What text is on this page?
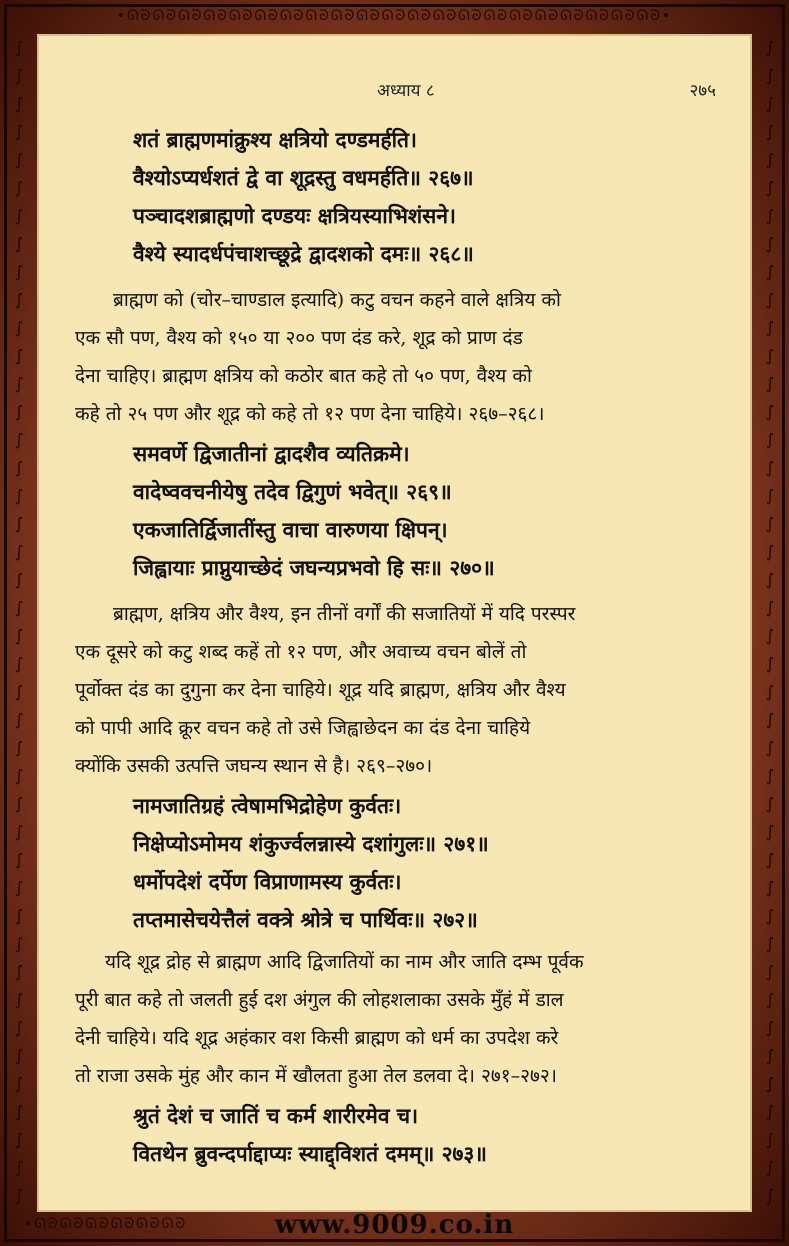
•ᘏᘐᘏᘐᘏᘐᘏᘐᘏᘐᘏᘐᘏᘐᘏᘐᘏᘐᘏᘐᘏᘐᘏᘐᘏᘐᘏᘐᘏᘐᘏᘐᘏᘐᘏᘐᘏᘐᘏᘐᘏᘐ•
∫
∫
∫
∫
∫
∫
∫
∫
∫
∫
∫
∫
∫
∫
∫
∫
∫
∫
∫
∫
∫
∫
∫
∫
∫
∫
∫
∫
∫
∫
∫
∫
∫
∫
∫
∫
∫
∫
∫
∫
∫
∫
∫
∫
∫
∫
∫
∫
∫
∫
∫
∫
∫
∫
∫
∫
∫
∫
∫
∫
∫
∫
∫
∫
∫
∫
∫
∫
∫
∫
∫
∫
∫
∫
∫
∫
∫
∫
∫
∫
∫
∫
∫
∫
•ᘏᘐᘏᘐᘏᘐᘏᘐᘏᘐᘏᘐ
अध्याय ८	२७५
शतं ब्राह्मणमांक्रुश्य क्षत्रियो दण्डमर्हति।
वैश्योऽप्यर्धशतं द्वे वा शूद्रस्तु वधमर्हति॥ २६७॥
पञ्चादशब्राह्मणो दण्डयः क्षत्रियस्याभिशंसने।
वैश्ये स्यादर्धपंचाशच्छूद्रे द्वादशको दमः॥ २६८॥
ब्राह्मण को (चोर–चाण्डाल इत्यादि) कटु वचन कहने वाले क्षत्रिय को
एक सौ पण, वैश्य को १५० या २०० पण दंड करे, शूद्र को प्राण दंड
देना चाहिए। ब्राह्मण क्षत्रिय को कठोर बात कहे तो ५० पण, वैश्य को
कहे तो २५ पण और शूद्र को कहे तो १२ पण देना चाहिये। २६७–२६८।
समवर्णे द्विजातीनां द्वादशैव व्यतिक्रमे।
वादेष्ववचनीयेषु तदेव द्विगुणं भवेत्॥ २६९॥
एकजातिर्द्विजातींस्तु वाचा वारुणया क्षिपन्।
जिह्वायाः प्राप्नुयाच्छेदं जघन्यप्रभवो हि सः॥ २७०॥
ब्राह्मण, क्षत्रिय और वैश्य, इन तीनों वर्गों की सजातियों में यदि परस्पर
एक दूसरे को कटु शब्द कहें तो १२ पण, और अवाच्य वचन बोलें तो
पूर्वोक्त दंड का दुगुना कर देना चाहिये। शूद्र यदि ब्राह्मण, क्षत्रिय और वैश्य
को पापी आदि क्रूर वचन कहे तो उसे जिह्वाछेदन का दंड देना चाहिये
क्योंकि उसकी उत्पत्ति जघन्य स्थान से है। २६९–२७०।
नामजातिग्रहं त्वेषामभिद्रोहेण कुर्वतः।
निक्षेप्योऽमोमय शंकुर्ज्वलन्नास्ये दशांगुलः॥ २७१॥
धर्मोपदेशं दर्पेण विप्राणामस्य कुर्वतः।
तप्तमासेचयेत्तैलं वक्त्रे श्रोत्रे च पार्थिवः॥ २७२॥
यदि शूद्र द्रोह से ब्राह्मण आदि द्विजातियों का नाम और जाति दम्भ पूर्वक
पूरी बात कहे तो जलती हुई दश अंगुल की लोहशलाका उसके मुँहं में डाल
देनी चाहिये। यदि शूद्र अहंकार वश किसी ब्राह्मण को धर्म का उपदेश करे
तो राजा उसके मुंह और कान में खौलता हुआ तेल डलवा दे। २७१–२७२।
श्रुतं देशं च जातिं च कर्म शारीरमेव च।
वितथेन ब्रुवन्दर्पाद्दाप्यः स्याद्द्विशतं दमम्॥ २७३॥
www.9009.co.in
